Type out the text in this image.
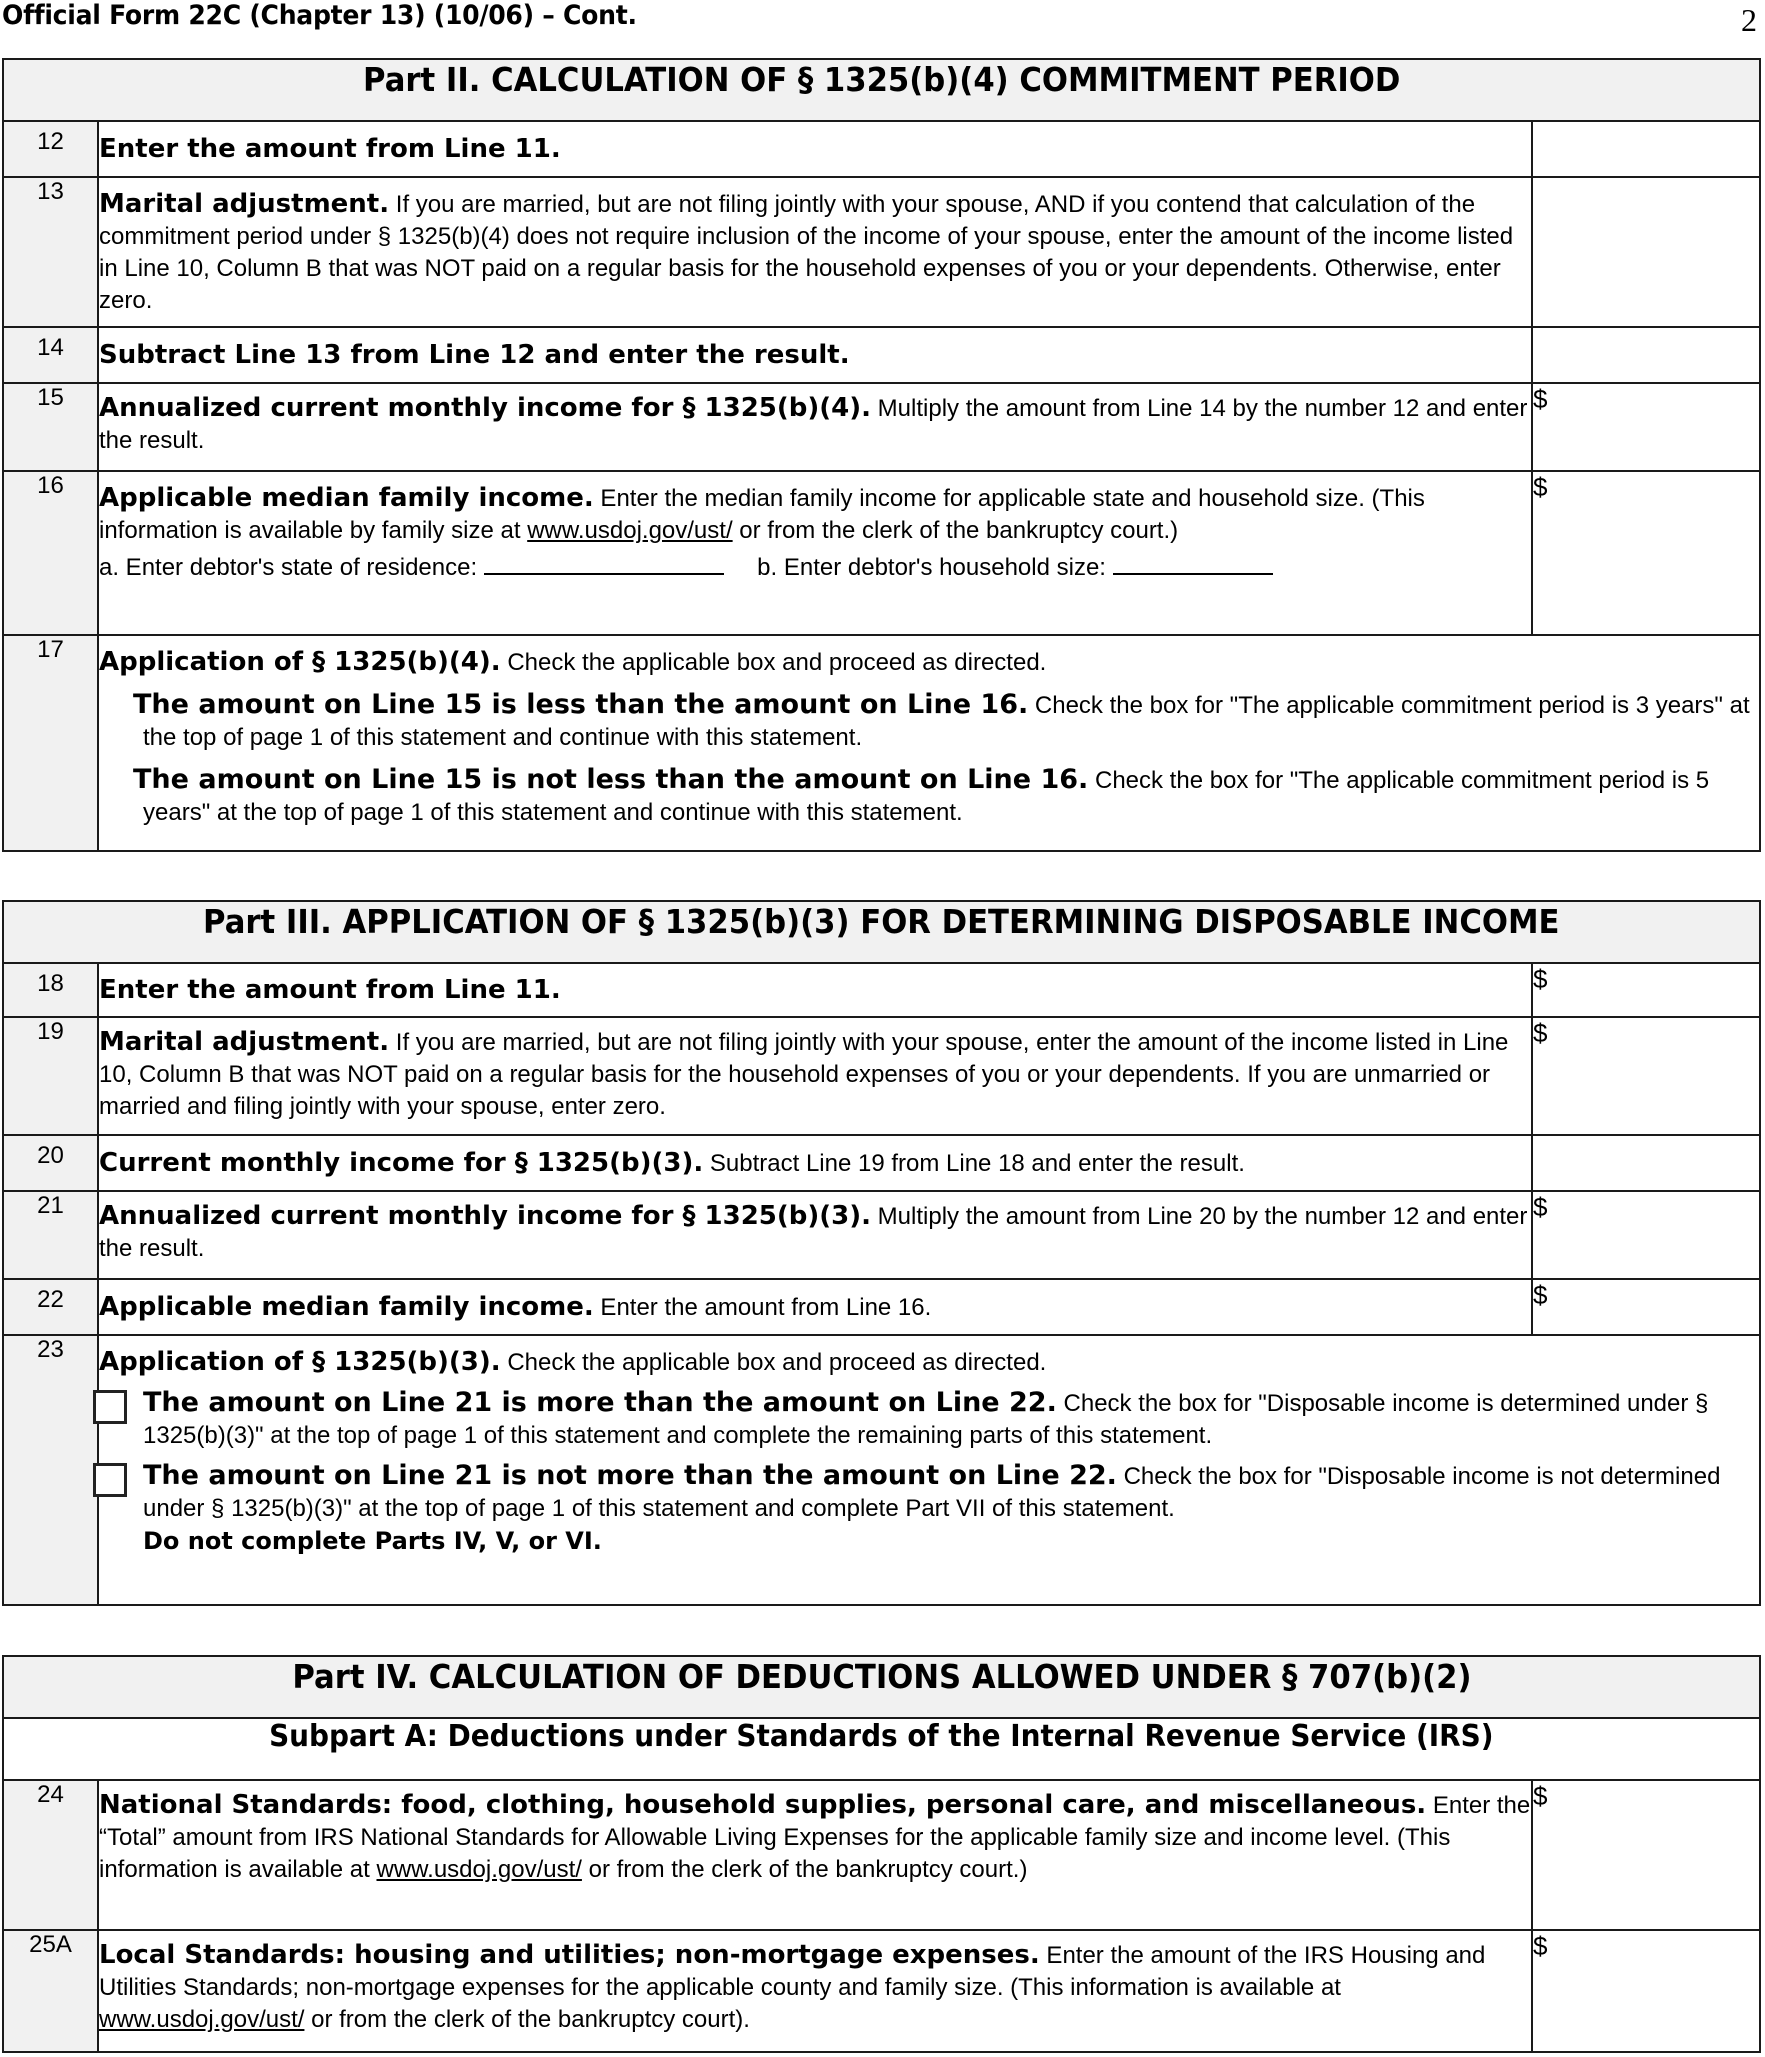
Official Form 22C (Chapter 13) (10/06) – Cont.	2
Part II. CALCULATION OF § 1325(b)(4) COMMITMENT PERIOD		
12	Enter the amount from Line 11.	
13	Marital adjustment. If you are married, but are not filing jointly with your spouse, AND if you contend that calculation of the commitment period under § 1325(b)(4) does not require inclusion of the income of your spouse, enter the amount of the income listed in Line 10, Column B that was NOT paid on a regular basis for the household expenses of you or your dependents. Otherwise, enter zero.	
14	Subtract Line 13 from Line 12 and enter the result.	
15	Annualized current monthly income for § 1325(b)(4). Multiply the amount from Line 14 by the number 12 and enter the result.	$
16	Applicable median family income. Enter the median family income for applicable state and household size. (This information is available by family size at www.usdoj.gov/ust/ or from the clerk of the bankruptcy court.)
a. Enter debtor's state of residence: b. Enter debtor's household size:	$
17	Application of § 1325(b)(4). Check the applicable box and proceed as directed.
The amount on Line 15 is less than the amount on Line 16. Check the box for "The applicable commitment period is 3 years" at the top of page 1 of this statement and continue with this statement.
The amount on Line 15 is not less than the amount on Line 16. Check the box for "The applicable commitment period is 5 years" at the top of page 1 of this statement and continue with this statement.	
Part III. APPLICATION OF § 1325(b)(3) FOR DETERMINING DISPOSABLE INCOME		
18	Enter the amount from Line 11.	$
19	Marital adjustment. If you are married, but are not filing jointly with your spouse, enter the amount of the income listed in Line 10, Column B that was NOT paid on a regular basis for the household expenses of you or your dependents. If you are unmarried or married and filing jointly with your spouse, enter zero.	$
20	Current monthly income for § 1325(b)(3). Subtract Line 19 from Line 18 and enter the result.	
21	Annualized current monthly income for § 1325(b)(3). Multiply the amount from Line 20 by the number 12 and enter the result.	$
22	Applicable median family income. Enter the amount from Line 16.	$
23	Application of § 1325(b)(3). Check the applicable box and proceed as directed.
The amount on Line 21 is more than the amount on Line 22. Check the box for "Disposable income is determined under § 1325(b)(3)" at the top of page 1 of this statement and complete the remaining parts of this statement.
The amount on Line 21 is not more than the amount on Line 22. Check the box for "Disposable income is not determined under § 1325(b)(3)" at the top of page 1 of this statement and complete Part VII of this statement.
Do not complete Parts IV, V, or VI.	
Part IV. CALCULATION OF DEDUCTIONS ALLOWED UNDER § 707(b)(2)		
Subpart A: Deductions under Standards of the Internal Revenue Service (IRS)		
24	National Standards: food, clothing, household supplies, personal care, and miscellaneous. Enter the “Total” amount from IRS National Standards for Allowable Living Expenses for the applicable family size and income level. (This information is available at www.usdoj.gov/ust/ or from the clerk of the bankruptcy court.)	$
25A	Local Standards: housing and utilities; non-mortgage expenses. Enter the amount of the IRS Housing and Utilities Standards; non-mortgage expenses for the applicable county and family size. (This information is available at www.usdoj.gov/ust/ or from the clerk of the bankruptcy court).	$
